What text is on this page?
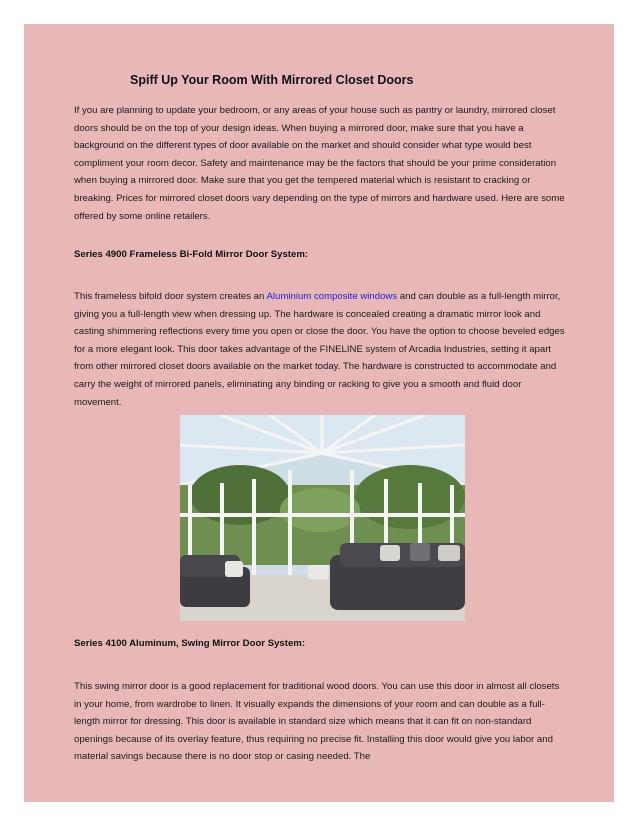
Spiff Up Your Room With Mirrored Closet Doors

If you are planning to update your bedroom, or any areas of your house such as pantry or laundry, mirrored closet doors should be on the top of your design ideas. When buying a mirrored door, make sure that you have a background on the different types of door available on the market and should consider what type would best compliment your room decor. Safety and maintenance may be the factors that should be your prime consideration when buying a mirrored door. Make sure that you get the tempered material which is resistant to cracking or breaking. Prices for mirrored closet doors vary depending on the type of mirrors and hardware used. Here are some offered by some online retailers.

Series 4900 Frameless Bi-Fold Mirror Door System:

This frameless bifold door system creates an Aluminium composite windows and can double as a full-length mirror, giving you a full-length view when dressing up. The hardware is concealed creating a dramatic mirror look and casting shimmering reflections every time you open or close the door. You have the option to choose beveled edges for a more elegant look. This door takes advantage of the FINELINE system of Arcadia Industries, setting it apart from other mirrored closet doors available on the market today. The hardware is constructed to accommodate and carry the weight of mirrored panels, eliminating any binding or racking to give you a smooth and fluid door movement.

Series 4100 Aluminum, Swing Mirror Door System:

This swing mirror door is a good replacement for traditional wood doors. You can use this door in almost all closets in your home, from wardrobe to linen. It visually expands the dimensions of your room and can double as a full-length mirror for dressing. This door is available in standard size which means that it can fit on non-standard openings because of its overlay feature, thus requiring no precise fit. Installing this door would give you labor and material savings because there is no door stop or casing needed. The
